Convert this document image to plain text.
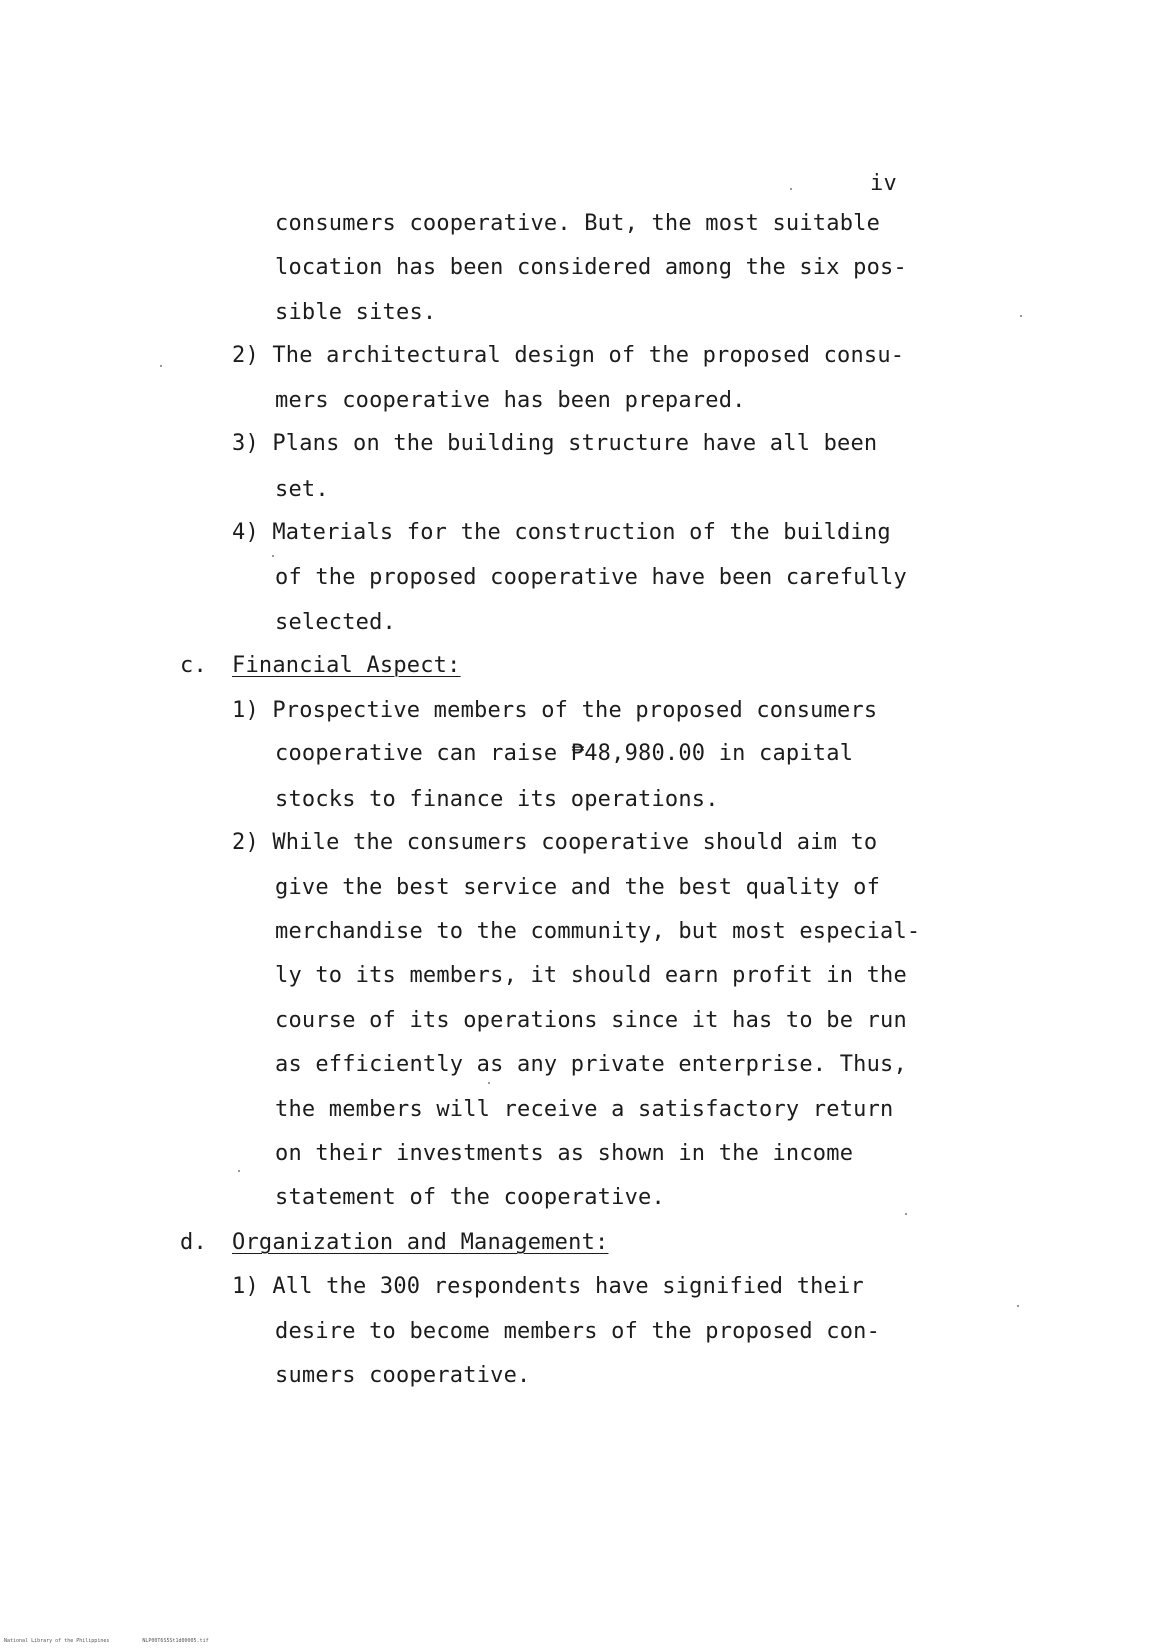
iv
consumers cooperative. But, the most suitable
location has been considered among the six pos-
sible sites.
2) The architectural design of the proposed consu-
mers cooperative has been prepared.
3) Plans on the building structure have all been
set.
4) Materials for the construction of the building
of the proposed cooperative have been carefully
selected.
c. Financial Aspect:
1) Prospective members of the proposed consumers
cooperative can raise ₱48,980.00 in capital
stocks to finance its operations.
2) While the consumers cooperative should aim to
give the best service and the best quality of
merchandise to the community, but most especial-
ly to its members, it should earn profit in the
course of its operations since it has to be run
as efficiently as any private enterprise. Thus,
the members will receive a satisfactory return
on their investments as shown in the income
statement of the cooperative.
d. Organization and Management:
1) All the 300 respondents have signified their
desire to become members of the proposed con-
sumers cooperative.
National Library of the Philippines	NLP00T6S5St1d00005.tif
